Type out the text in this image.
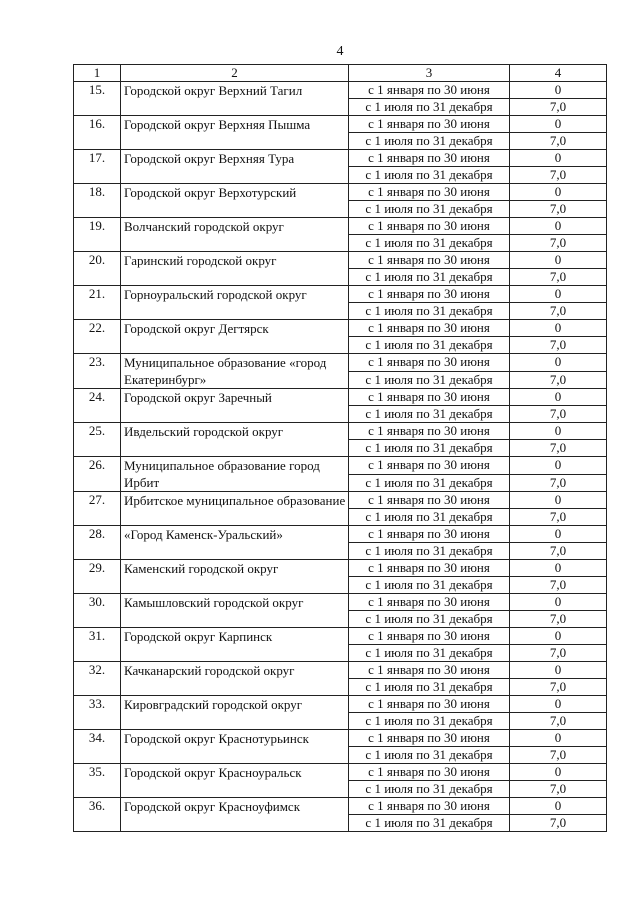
4
1	2	3	4
15.	Городской округ Верхний Тагил	с 1 января по 30 июня	0
		с 1 июля по 31 декабря	7,0
16.	Городской округ Верхняя Пышма	с 1 января по 30 июня	0
		с 1 июля по 31 декабря	7,0
17.	Городской округ Верхняя Тура	с 1 января по 30 июня	0
		с 1 июля по 31 декабря	7,0
18.	Городской округ Верхотурский	с 1 января по 30 июня	0
		с 1 июля по 31 декабря	7,0
19.	Волчанский городской округ	с 1 января по 30 июня	0
		с 1 июля по 31 декабря	7,0
20.	Гаринский городской округ	с 1 января по 30 июня	0
		с 1 июля по 31 декабря	7,0
21.	Горноуральский городской округ	с 1 января по 30 июня	0
		с 1 июля по 31 декабря	7,0
22.	Городской округ Дегтярск	с 1 января по 30 июня	0
		с 1 июля по 31 декабря	7,0
23.	Муниципальное образование «город Екатеринбург»	с 1 января по 30 июня	0
		с 1 июля по 31 декабря	7,0
24.	Городской округ Заречный	с 1 января по 30 июня	0
		с 1 июля по 31 декабря	7,0
25.	Ивдельский городской округ	с 1 января по 30 июня	0
		с 1 июля по 31 декабря	7,0
26.	Муниципальное образование город Ирбит	с 1 января по 30 июня	0
		с 1 июля по 31 декабря	7,0
27.	Ирбитское муниципальное образование	с 1 января по 30 июня	0
		с 1 июля по 31 декабря	7,0
28.	«Город Каменск-Уральский»	с 1 января по 30 июня	0
		с 1 июля по 31 декабря	7,0
29.	Каменский городской округ	с 1 января по 30 июня	0
		с 1 июля по 31 декабря	7,0
30.	Камышловский городской округ	с 1 января по 30 июня	0
		с 1 июля по 31 декабря	7,0
31.	Городской округ Карпинск	с 1 января по 30 июня	0
		с 1 июля по 31 декабря	7,0
32.	Качканарский городской округ	с 1 января по 30 июня	0
		с 1 июля по 31 декабря	7,0
33.	Кировградский городской округ	с 1 января по 30 июня	0
		с 1 июля по 31 декабря	7,0
34.	Городской округ Краснотурьинск	с 1 января по 30 июня	0
		с 1 июля по 31 декабря	7,0
35.	Городской округ Красноуральск	с 1 января по 30 июня	0
		с 1 июля по 31 декабря	7,0
36.	Городской округ Красноуфимск	с 1 января по 30 июня	0
		с 1 июля по 31 декабря	7,0
